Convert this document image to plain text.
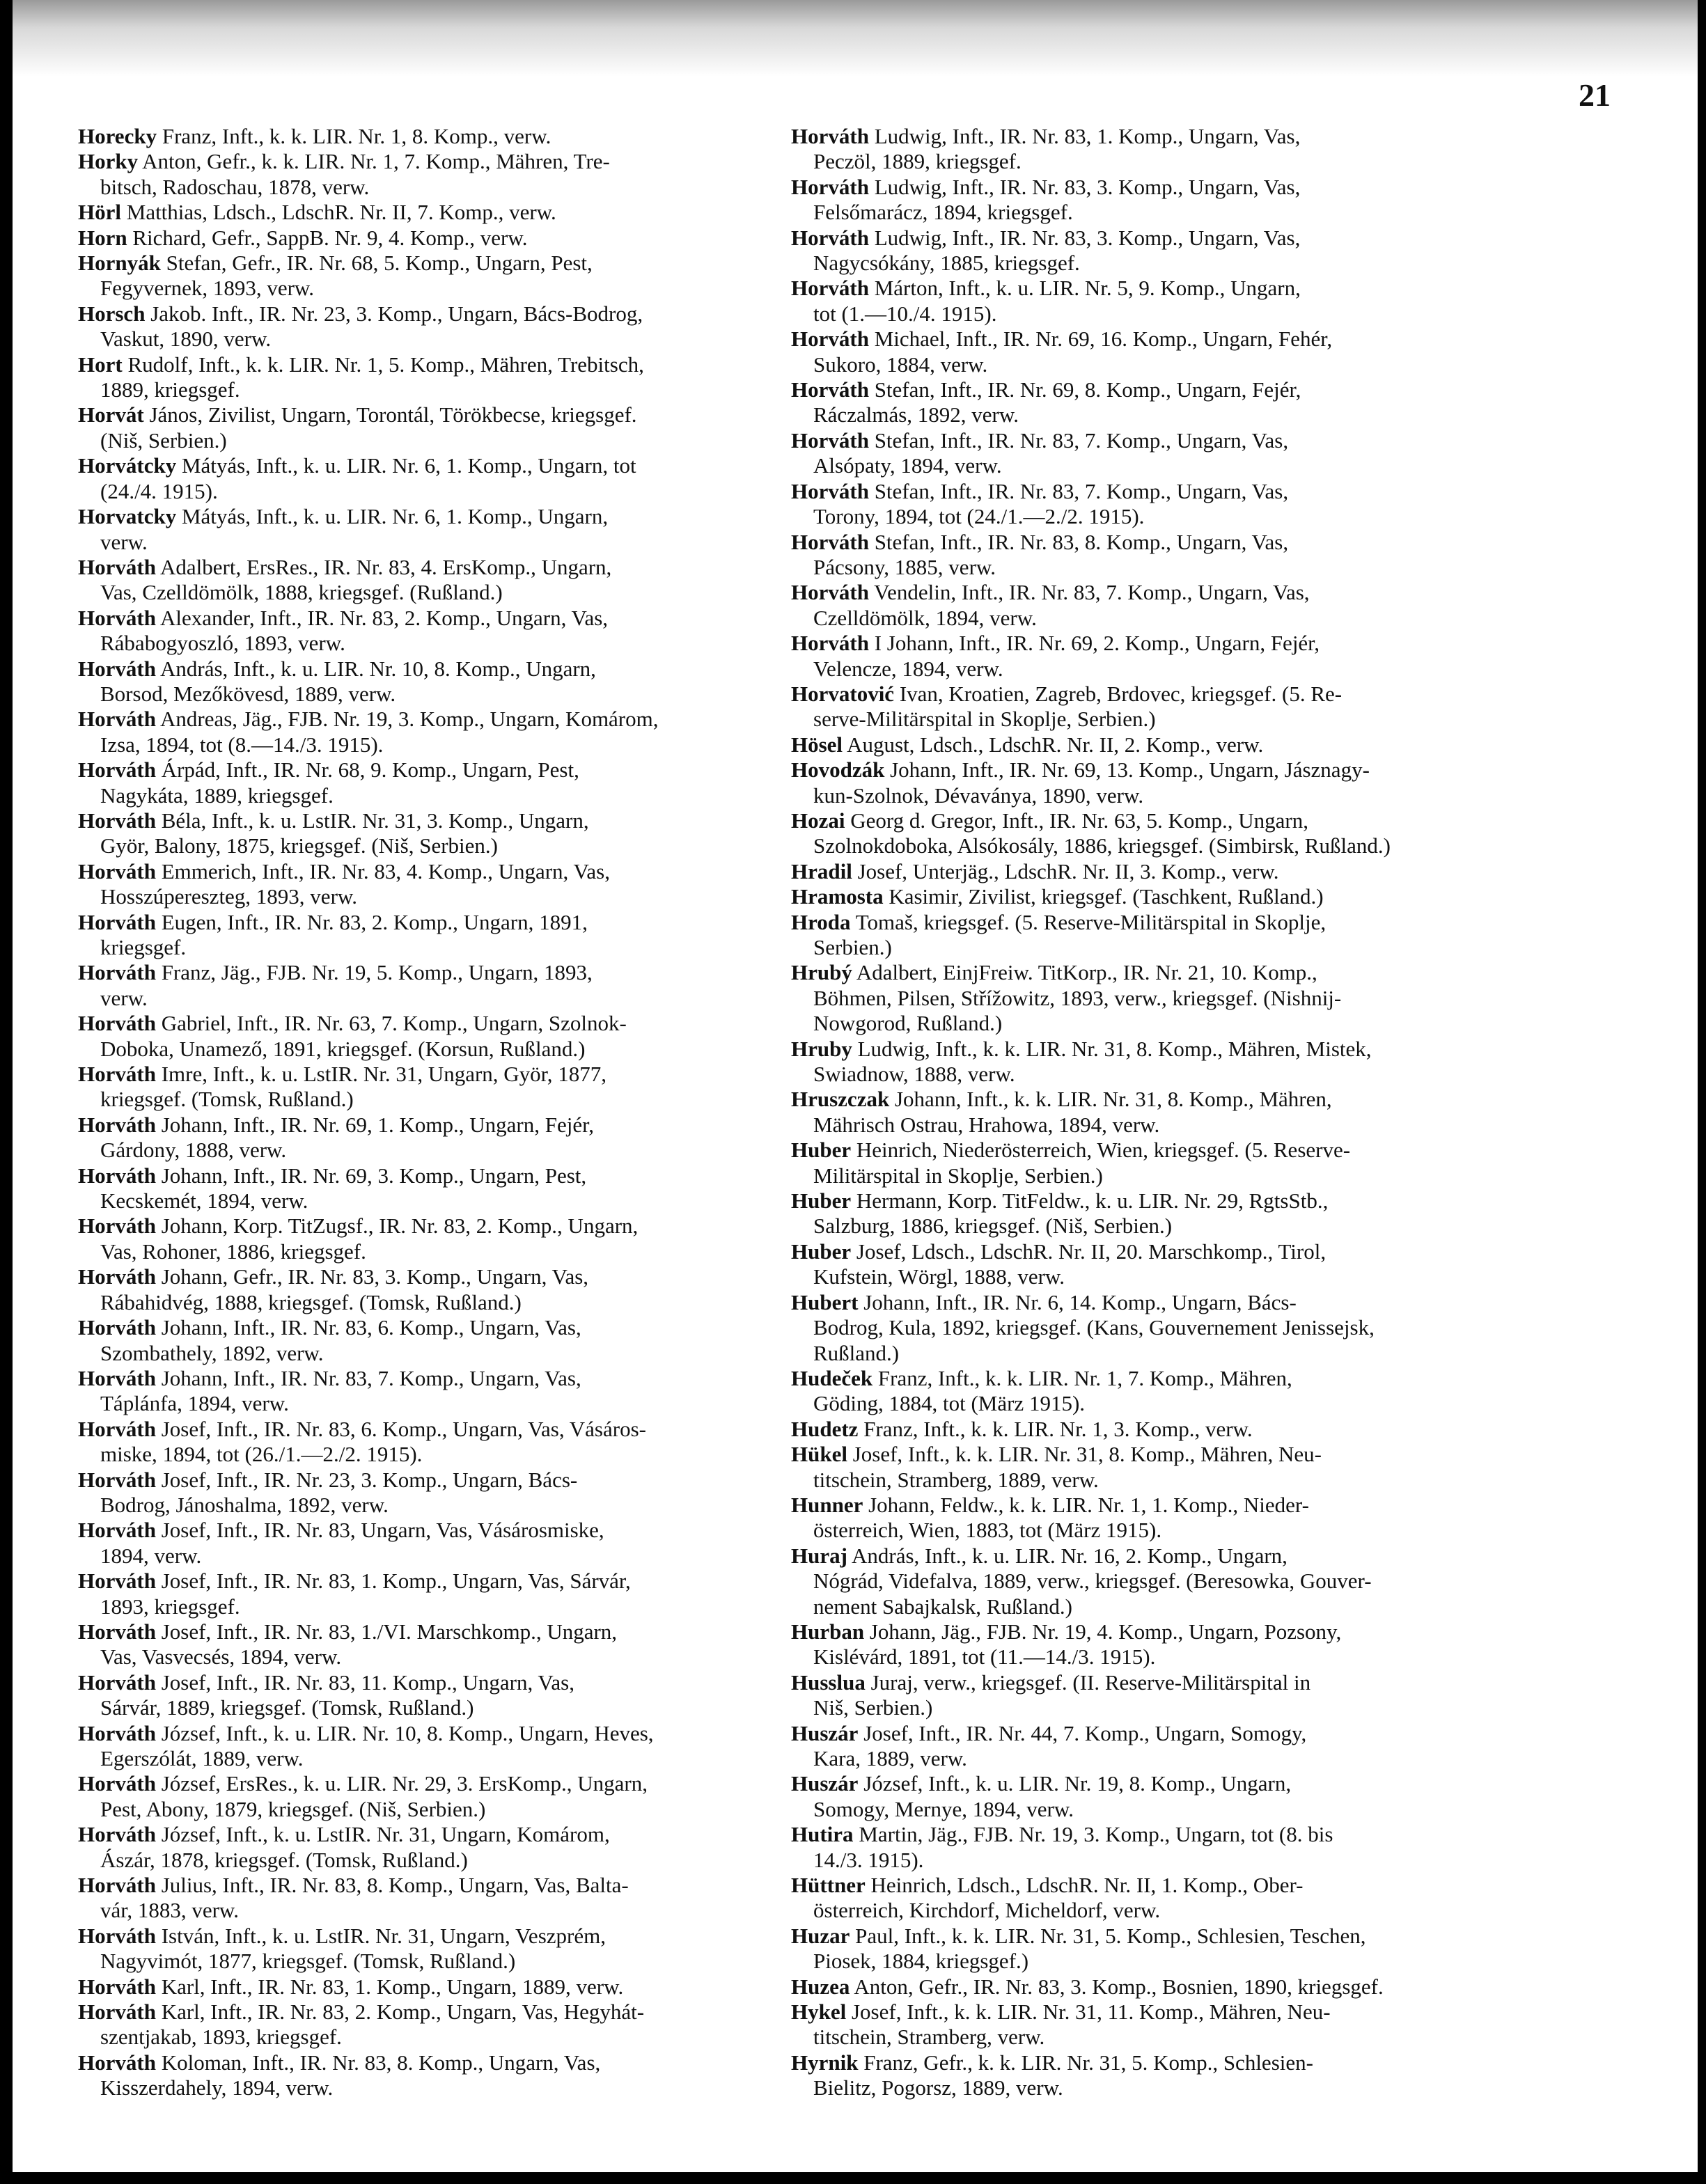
21
Horecky Franz, Inft., k. k. LIR. Nr. 1, 8. Komp., verw.
Horky Anton, Gefr., k. k. LIR. Nr. 1, 7. Komp., Mähren, Tre-
bitsch, Radoschau, 1878, verw.
Hörl Matthias, Ldsch., LdschR. Nr. II, 7. Komp., verw.
Horn Richard, Gefr., SappB. Nr. 9, 4. Komp., verw.
Hornyák Stefan, Gefr., IR. Nr. 68, 5. Komp., Ungarn, Pest,
Fegyvernek, 1893, verw.
Horsch Jakob. Inft., IR. Nr. 23, 3. Komp., Ungarn, Bács-Bodrog,
Vaskut, 1890, verw.
Hort Rudolf, Inft., k. k. LIR. Nr. 1, 5. Komp., Mähren, Trebitsch,
1889, kriegsgef.
Horvát János, Zivilist, Ungarn, Torontál, Törökbecse, kriegsgef.
(Niš, Serbien.)
Horvátcky Mátyás, Inft., k. u. LIR. Nr. 6, 1. Komp., Ungarn, tot
(24./4. 1915).
Horvatcky Mátyás, Inft., k. u. LIR. Nr. 6, 1. Komp., Ungarn,
verw.
Horváth Adalbert, ErsRes., IR. Nr. 83, 4. ErsKomp., Ungarn,
Vas, Czelldömölk, 1888, kriegsgef. (Rußland.)
Horváth Alexander, Inft., IR. Nr. 83, 2. Komp., Ungarn, Vas,
Rábabogyoszló, 1893, verw.
Horváth András, Inft., k. u. LIR. Nr. 10, 8. Komp., Ungarn,
Borsod, Mezőkövesd, 1889, verw.
Horváth Andreas, Jäg., FJB. Nr. 19, 3. Komp., Ungarn, Komárom,
Izsa, 1894, tot (8.—14./3. 1915).
Horváth Árpád, Inft., IR. Nr. 68, 9. Komp., Ungarn, Pest,
Nagykáta, 1889, kriegsgef.
Horváth Béla, Inft., k. u. LstIR. Nr. 31, 3. Komp., Ungarn,
Györ, Balony, 1875, kriegsgef. (Niš, Serbien.)
Horváth Emmerich, Inft., IR. Nr. 83, 4. Komp., Ungarn, Vas,
Hosszúpereszteg, 1893, verw.
Horváth Eugen, Inft., IR. Nr. 83, 2. Komp., Ungarn, 1891,
kriegsgef.
Horváth Franz, Jäg., FJB. Nr. 19, 5. Komp., Ungarn, 1893,
verw.
Horváth Gabriel, Inft., IR. Nr. 63, 7. Komp., Ungarn, Szolnok-
Doboka, Unamező, 1891, kriegsgef. (Korsun, Rußland.)
Horváth Imre, Inft., k. u. LstIR. Nr. 31, Ungarn, Györ, 1877,
kriegsgef. (Tomsk, Rußland.)
Horváth Johann, Inft., IR. Nr. 69, 1. Komp., Ungarn, Fejér,
Gárdony, 1888, verw.
Horváth Johann, Inft., IR. Nr. 69, 3. Komp., Ungarn, Pest,
Kecskemét, 1894, verw.
Horváth Johann, Korp. TitZugsf., IR. Nr. 83, 2. Komp., Ungarn,
Vas, Rohoner, 1886, kriegsgef.
Horváth Johann, Gefr., IR. Nr. 83, 3. Komp., Ungarn, Vas,
Rábahidvég, 1888, kriegsgef. (Tomsk, Rußland.)
Horváth Johann, Inft., IR. Nr. 83, 6. Komp., Ungarn, Vas,
Szombathely, 1892, verw.
Horváth Johann, Inft., IR. Nr. 83, 7. Komp., Ungarn, Vas,
Táplánfa, 1894, verw.
Horváth Josef, Inft., IR. Nr. 83, 6. Komp., Ungarn, Vas, Vásáros-
miske, 1894, tot (26./1.—2./2. 1915).
Horváth Josef, Inft., IR. Nr. 23, 3. Komp., Ungarn, Bács-
Bodrog, Jánoshalma, 1892, verw.
Horváth Josef, Inft., IR. Nr. 83, Ungarn, Vas, Vásárosmiske,
1894, verw.
Horváth Josef, Inft., IR. Nr. 83, 1. Komp., Ungarn, Vas, Sárvár,
1893, kriegsgef.
Horváth Josef, Inft., IR. Nr. 83, 1./VI. Marschkomp., Ungarn,
Vas, Vasvecsés, 1894, verw.
Horváth Josef, Inft., IR. Nr. 83, 11. Komp., Ungarn, Vas,
Sárvár, 1889, kriegsgef. (Tomsk, Rußland.)
Horváth József, Inft., k. u. LIR. Nr. 10, 8. Komp., Ungarn, Heves,
Egerszólát, 1889, verw.
Horváth József, ErsRes., k. u. LIR. Nr. 29, 3. ErsKomp., Ungarn,
Pest, Abony, 1879, kriegsgef. (Niš, Serbien.)
Horváth József, Inft., k. u. LstIR. Nr. 31, Ungarn, Komárom,
Ászár, 1878, kriegsgef. (Tomsk, Rußland.)
Horváth Julius, Inft., IR. Nr. 83, 8. Komp., Ungarn, Vas, Balta-
vár, 1883, verw.
Horváth István, Inft., k. u. LstIR. Nr. 31, Ungarn, Veszprém,
Nagyvimót, 1877, kriegsgef. (Tomsk, Rußland.)
Horváth Karl, Inft., IR. Nr. 83, 1. Komp., Ungarn, 1889, verw.
Horváth Karl, Inft., IR. Nr. 83, 2. Komp., Ungarn, Vas, Hegyhát-
szentjakab, 1893, kriegsgef.
Horváth Koloman, Inft., IR. Nr. 83, 8. Komp., Ungarn, Vas,
Kisszerdahely, 1894, verw.
Horváth Ludwig, Inft., IR. Nr. 83, 1. Komp., Ungarn, Vas,
Peczöl, 1889, kriegsgef.
Horváth Ludwig, Inft., IR. Nr. 83, 3. Komp., Ungarn, Vas,
Felsőmarácz, 1894, kriegsgef.
Horváth Ludwig, Inft., IR. Nr. 83, 3. Komp., Ungarn, Vas,
Nagycsókány, 1885, kriegsgef.
Horváth Márton, Inft., k. u. LIR. Nr. 5, 9. Komp., Ungarn,
tot (1.—10./4. 1915).
Horváth Michael, Inft., IR. Nr. 69, 16. Komp., Ungarn, Fehér,
Sukoro, 1884, verw.
Horváth Stefan, Inft., IR. Nr. 69, 8. Komp., Ungarn, Fejér,
Ráczalmás, 1892, verw.
Horváth Stefan, Inft., IR. Nr. 83, 7. Komp., Ungarn, Vas,
Alsópaty, 1894, verw.
Horváth Stefan, Inft., IR. Nr. 83, 7. Komp., Ungarn, Vas,
Torony, 1894, tot (24./1.—2./2. 1915).
Horváth Stefan, Inft., IR. Nr. 83, 8. Komp., Ungarn, Vas,
Pácsony, 1885, verw.
Horváth Vendelin, Inft., IR. Nr. 83, 7. Komp., Ungarn, Vas,
Czelldömölk, 1894, verw.
Horváth I Johann, Inft., IR. Nr. 69, 2. Komp., Ungarn, Fejér,
Velencze, 1894, verw.
Horvatović Ivan, Kroatien, Zagreb, Brdovec, kriegsgef. (5. Re-
serve-Militärspital in Skoplje, Serbien.)
Hösel August, Ldsch., LdschR. Nr. II, 2. Komp., verw.
Hovodzák Johann, Inft., IR. Nr. 69, 13. Komp., Ungarn, Jásznagy-
kun-Szolnok, Dévaványa, 1890, verw.
Hozai Georg d. Gregor, Inft., IR. Nr. 63, 5. Komp., Ungarn,
Szolnokdoboka, Alsókosály, 1886, kriegsgef. (Simbirsk, Rußland.)
Hradil Josef, Unterjäg., LdschR. Nr. II, 3. Komp., verw.
Hramosta Kasimir, Zivilist, kriegsgef. (Taschkent, Rußland.)
Hroda Tomaš, kriegsgef. (5. Reserve-Militärspital in Skoplje,
Serbien.)
Hrubý Adalbert, EinjFreiw. TitKorp., IR. Nr. 21, 10. Komp.,
Böhmen, Pilsen, Střížowitz, 1893, verw., kriegsgef. (Nishnij-
Nowgorod, Rußland.)
Hruby Ludwig, Inft., k. k. LIR. Nr. 31, 8. Komp., Mähren, Mistek,
Swiadnow, 1888, verw.
Hruszczak Johann, Inft., k. k. LIR. Nr. 31, 8. Komp., Mähren,
Mährisch Ostrau, Hrahowa, 1894, verw.
Huber Heinrich, Niederösterreich, Wien, kriegsgef. (5. Reserve-
Militärspital in Skoplje, Serbien.)
Huber Hermann, Korp. TitFeldw., k. u. LIR. Nr. 29, RgtsStb.,
Salzburg, 1886, kriegsgef. (Niš, Serbien.)
Huber Josef, Ldsch., LdschR. Nr. II, 20. Marschkomp., Tirol,
Kufstein, Wörgl, 1888, verw.
Hubert Johann, Inft., IR. Nr. 6, 14. Komp., Ungarn, Bács-
Bodrog, Kula, 1892, kriegsgef. (Kans, Gouvernement Jenissejsk,
Rußland.)
Hudeček Franz, Inft., k. k. LIR. Nr. 1, 7. Komp., Mähren,
Göding, 1884, tot (März 1915).
Hudetz Franz, Inft., k. k. LIR. Nr. 1, 3. Komp., verw.
Hükel Josef, Inft., k. k. LIR. Nr. 31, 8. Komp., Mähren, Neu-
titschein, Stramberg, 1889, verw.
Hunner Johann, Feldw., k. k. LIR. Nr. 1, 1. Komp., Nieder-
österreich, Wien, 1883, tot (März 1915).
Huraj András, Inft., k. u. LIR. Nr. 16, 2. Komp., Ungarn,
Nógrád, Videfalva, 1889, verw., kriegsgef. (Beresowka, Gouver-
nement Sabajkalsk, Rußland.)
Hurban Johann, Jäg., FJB. Nr. 19, 4. Komp., Ungarn, Pozsony,
Kislévárd, 1891, tot (11.—14./3. 1915).
Husslua Juraj, verw., kriegsgef. (II. Reserve-Militärspital in
Niš, Serbien.)
Huszár Josef, Inft., IR. Nr. 44, 7. Komp., Ungarn, Somogy,
Kara, 1889, verw.
Huszár József, Inft., k. u. LIR. Nr. 19, 8. Komp., Ungarn,
Somogy, Mernye, 1894, verw.
Hutira Martin, Jäg., FJB. Nr. 19, 3. Komp., Ungarn, tot (8. bis
14./3. 1915).
Hüttner Heinrich, Ldsch., LdschR. Nr. II, 1. Komp., Ober-
österreich, Kirchdorf, Micheldorf, verw.
Huzar Paul, Inft., k. k. LIR. Nr. 31, 5. Komp., Schlesien, Teschen,
Piosek, 1884, kriegsgef.)
Huzea Anton, Gefr., IR. Nr. 83, 3. Komp., Bosnien, 1890, kriegsgef.
Hykel Josef, Inft., k. k. LIR. Nr. 31, 11. Komp., Mähren, Neu-
titschein, Stramberg, verw.
Hyrnik Franz, Gefr., k. k. LIR. Nr. 31, 5. Komp., Schlesien-
Bielitz, Pogorsz, 1889, verw.
